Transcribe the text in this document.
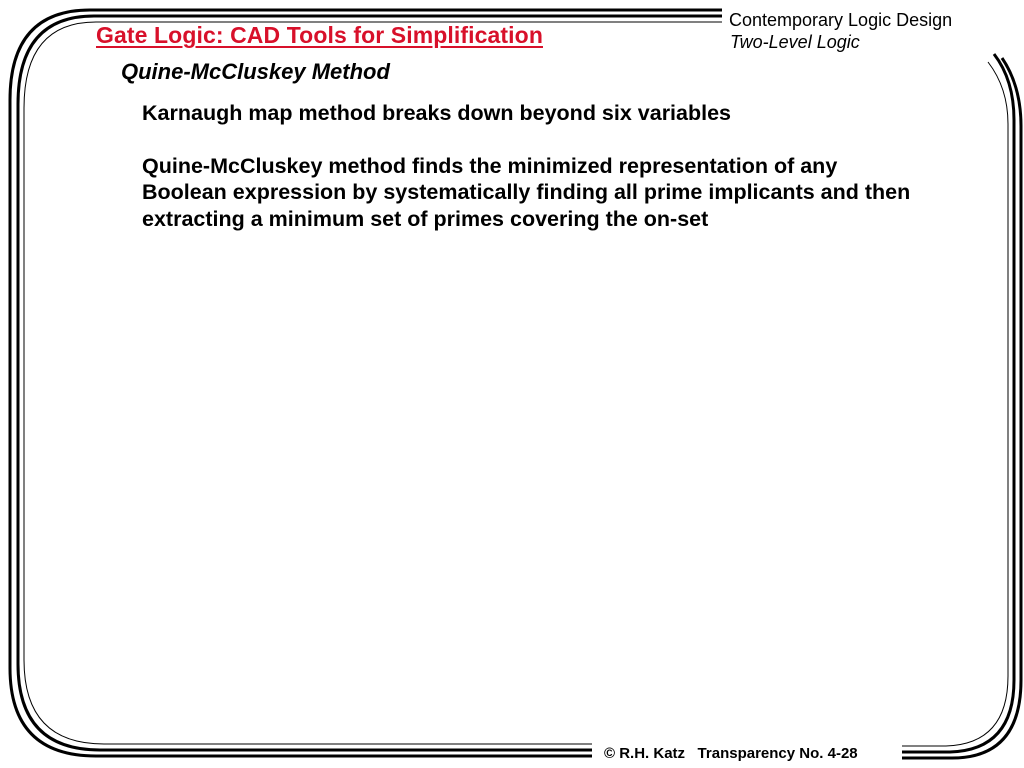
Gate Logic: CAD Tools for Simplification
Contemporary Logic Design
Two-Level Logic
Quine-McCluskey Method

Karnaugh map method breaks down beyond six variables

Quine-McCluskey method finds the minimized representation of any Boolean expression by systematically finding all prime implicants and then extracting a minimum set of primes covering the on-set

© R.H. Katz   Transparency No. 4-28
